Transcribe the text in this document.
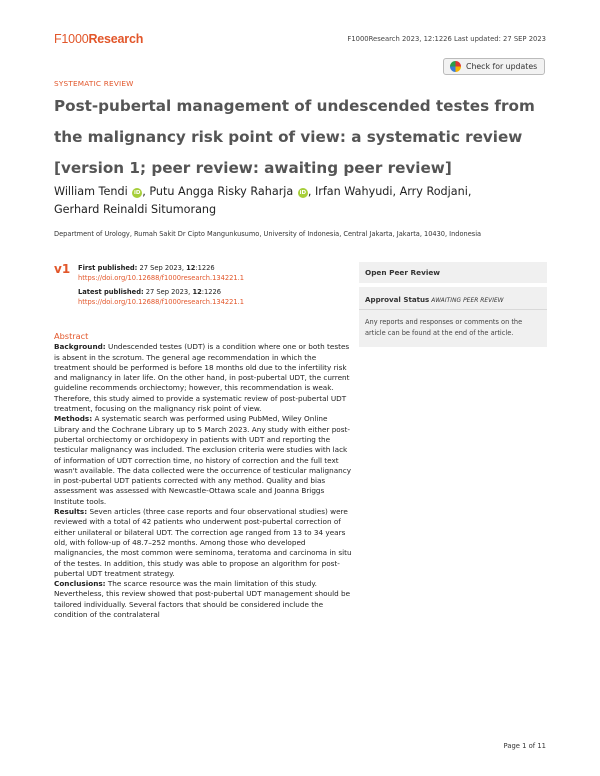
F1000Research	F1000Research 2023, 12:1226 Last updated: 27 SEP 2023
Check for updates
SYSTEMATIC REVIEW
Post-pubertal management of undescended testes from the malignancy risk point of view: a systematic review [version 1; peer review: awaiting peer review]
William Tendi iD , Putu Angga Risky Raharja iD , Irfan Wahyudi, Arry Rodjani,
Gerhard Reinaldi Situmorang
Department of Urology, Rumah Sakit Dr Cipto Mangunkusumo, University of Indonesia, Central Jakarta, Jakarta, 10430, Indonesia
v1 First published: 27 Sep 2023, 12:1226
https://doi.org/10.12688/f1000research.134221.1
Latest published: 27 Sep 2023, 12:1226
https://doi.org/10.12688/f1000research.134221.1
Abstract

Background: Undescended testes (UDT) is a condition where one or both testes is absent in the scrotum. The general age recommendation in which the treatment should be performed is before 18 months old due to the infertility risk and malignancy in later life. On the other hand, in post-pubertal UDT, the current guideline recommends orchiectomy; however, this recommendation is weak. Therefore, this study aimed to provide a systematic review of post-pubertal UDT treatment, focusing on the malignancy risk point of view.

Methods: A systematic search was performed using PubMed, Wiley Online Library and the Cochrane Library up to 5 March 2023. Any study with either post-pubertal orchiectomy or orchidopexy in patients with UDT and reporting the testicular malignancy was included. The exclusion criteria were studies with lack of information of UDT correction time, no history of correction and the full text wasn't available. The data collected were the occurrence of testicular malignancy in post-pubertal UDT patients corrected with any method. Quality and bias assessment was assessed with Newcastle-Ottawa scale and Joanna Briggs Institute tools.

Results: Seven articles (three case reports and four observational studies) were reviewed with a total of 42 patients who underwent post-pubertal correction of either unilateral or bilateral UDT. The correction age ranged from 13 to 34 years old, with follow-up of 48.7–252 months. Among those who developed malignancies, the most common were seminoma, teratoma and carcinoma in situ of the testes. In addition, this study was able to propose an algorithm for post-pubertal UDT treatment strategy.

Conclusions: The scarce resource was the main limitation of this study. Nevertheless, this review showed that post-pubertal UDT management should be tailored individually. Several factors that should be considered include the condition of the contralateral

Open Peer Review
Approval Status AWAITING PEER REVIEW
Any reports and responses or comments on the article can be found at the end of the article.
Page 1 of 11
